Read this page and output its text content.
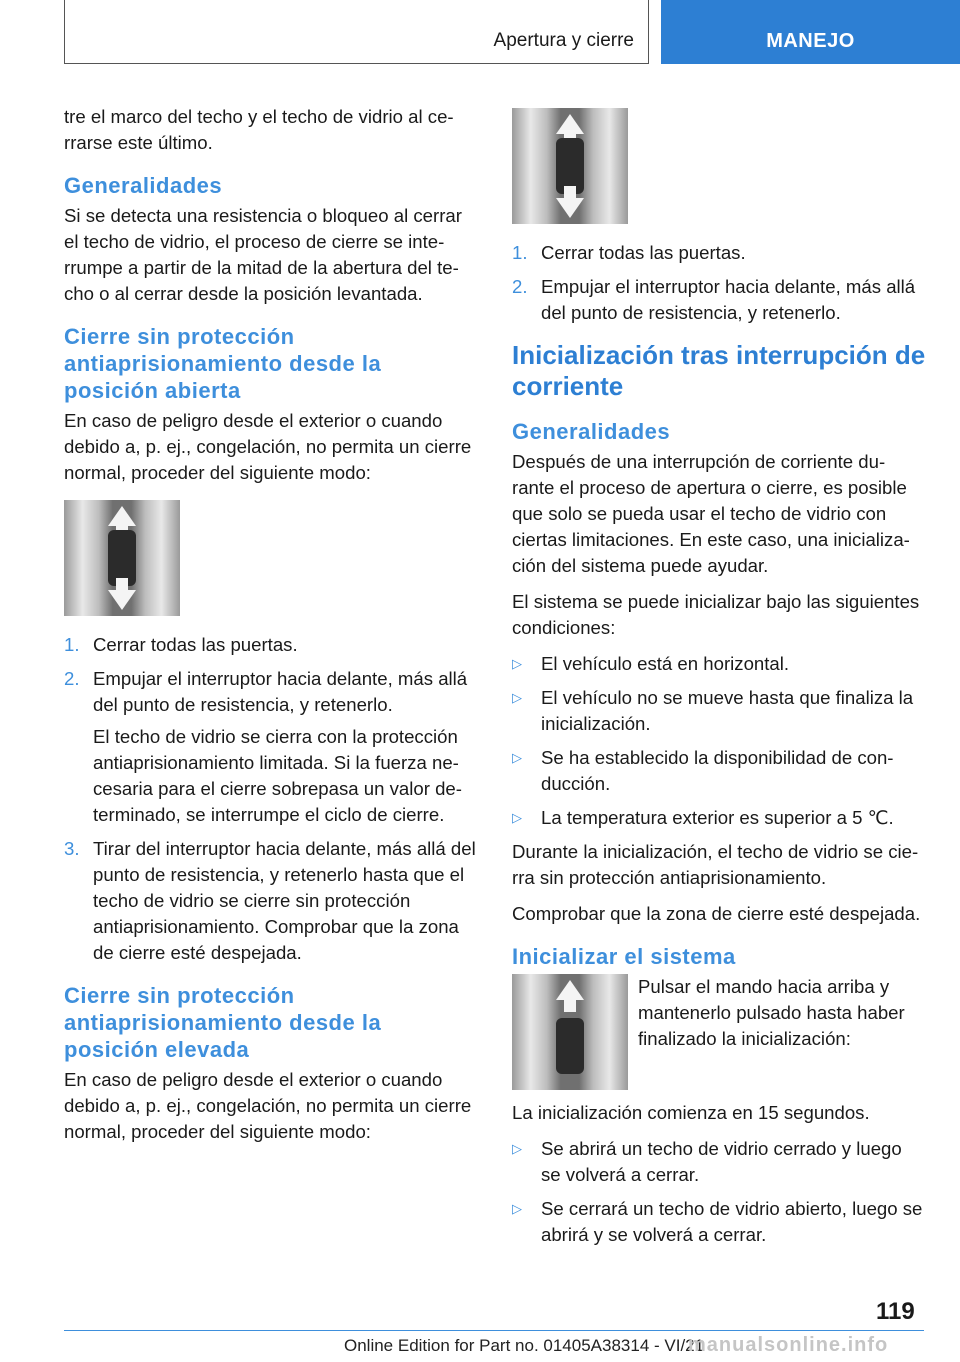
Apertura y cierre	MANEJO

tre el marco del techo y el techo de vidrio al ce-rrarse este último.

Generalidades

Si se detecta una resistencia o bloqueo al cerrar el techo de vidrio, el proceso de cierre se inte-rrumpe a partir de la mitad de la abertura del te-cho o al cerrar desde la posición levantada.

Cierre sin protección antiaprisionamiento desde la posición abierta

En caso de peligro desde el exterior o cuando debido a, p. ej., congelación, no permita un cierre normal, proceder del siguiente modo:

1. Cerrar todas las puertas.
2. Empujar el interruptor hacia delante, más allá del punto de resistencia, y retenerlo.

El techo de vidrio se cierra con la protección antiaprisionamiento limitada. Si la fuerza ne-cesaria para el cierre sobrepasa un valor de-terminado, se interrumpe el ciclo de cierre.

3. Tirar del interruptor hacia delante, más allá del punto de resistencia, y retenerlo hasta que el techo de vidrio se cierre sin protección antiaprisionamiento. Comprobar que la zona de cierre esté despejada.
Cierre sin protección antiaprisionamiento desde la posición elevada

En caso de peligro desde el exterior o cuando debido a, p. ej., congelación, no permita un cierre normal, proceder del siguiente modo:

1. Cerrar todas las puertas.
2. Empujar el interruptor hacia delante, más allá del punto de resistencia, y retenerlo.
Inicialización tras interrupción de corriente
Generalidades

Después de una interrupción de corriente du-rante el proceso de apertura o cierre, es posible que solo se pueda usar el techo de vidrio con ciertas limitaciones. En este caso, una inicializa-ción del sistema puede ayudar.

El sistema se puede inicializar bajo las siguientes condiciones:

▷ El vehículo está en horizontal.
▷ El vehículo no se mueve hasta que finaliza la inicialización.
▷ Se ha establecido la disponibilidad de con-ducción.
▷ La temperatura exterior es superior a 5 ℃.

Durante la inicialización, el techo de vidrio se cie-rra sin protección antiaprisionamiento.

Comprobar que la zona de cierre esté despejada.

Inicializar el sistema

Pulsar el mando hacia arriba y mantenerlo pulsado hasta haber finalizado la inicialización:

La inicialización comienza en 15 segundos.

▷ Se abrirá un techo de vidrio cerrado y luego se volverá a cerrar.
▷ Se cerrará un techo de vidrio abierto, luego se abrirá y se volverá a cerrar.
119
Online Edition for Part no. 01405A38314 - VI/21
manualsonline.info
